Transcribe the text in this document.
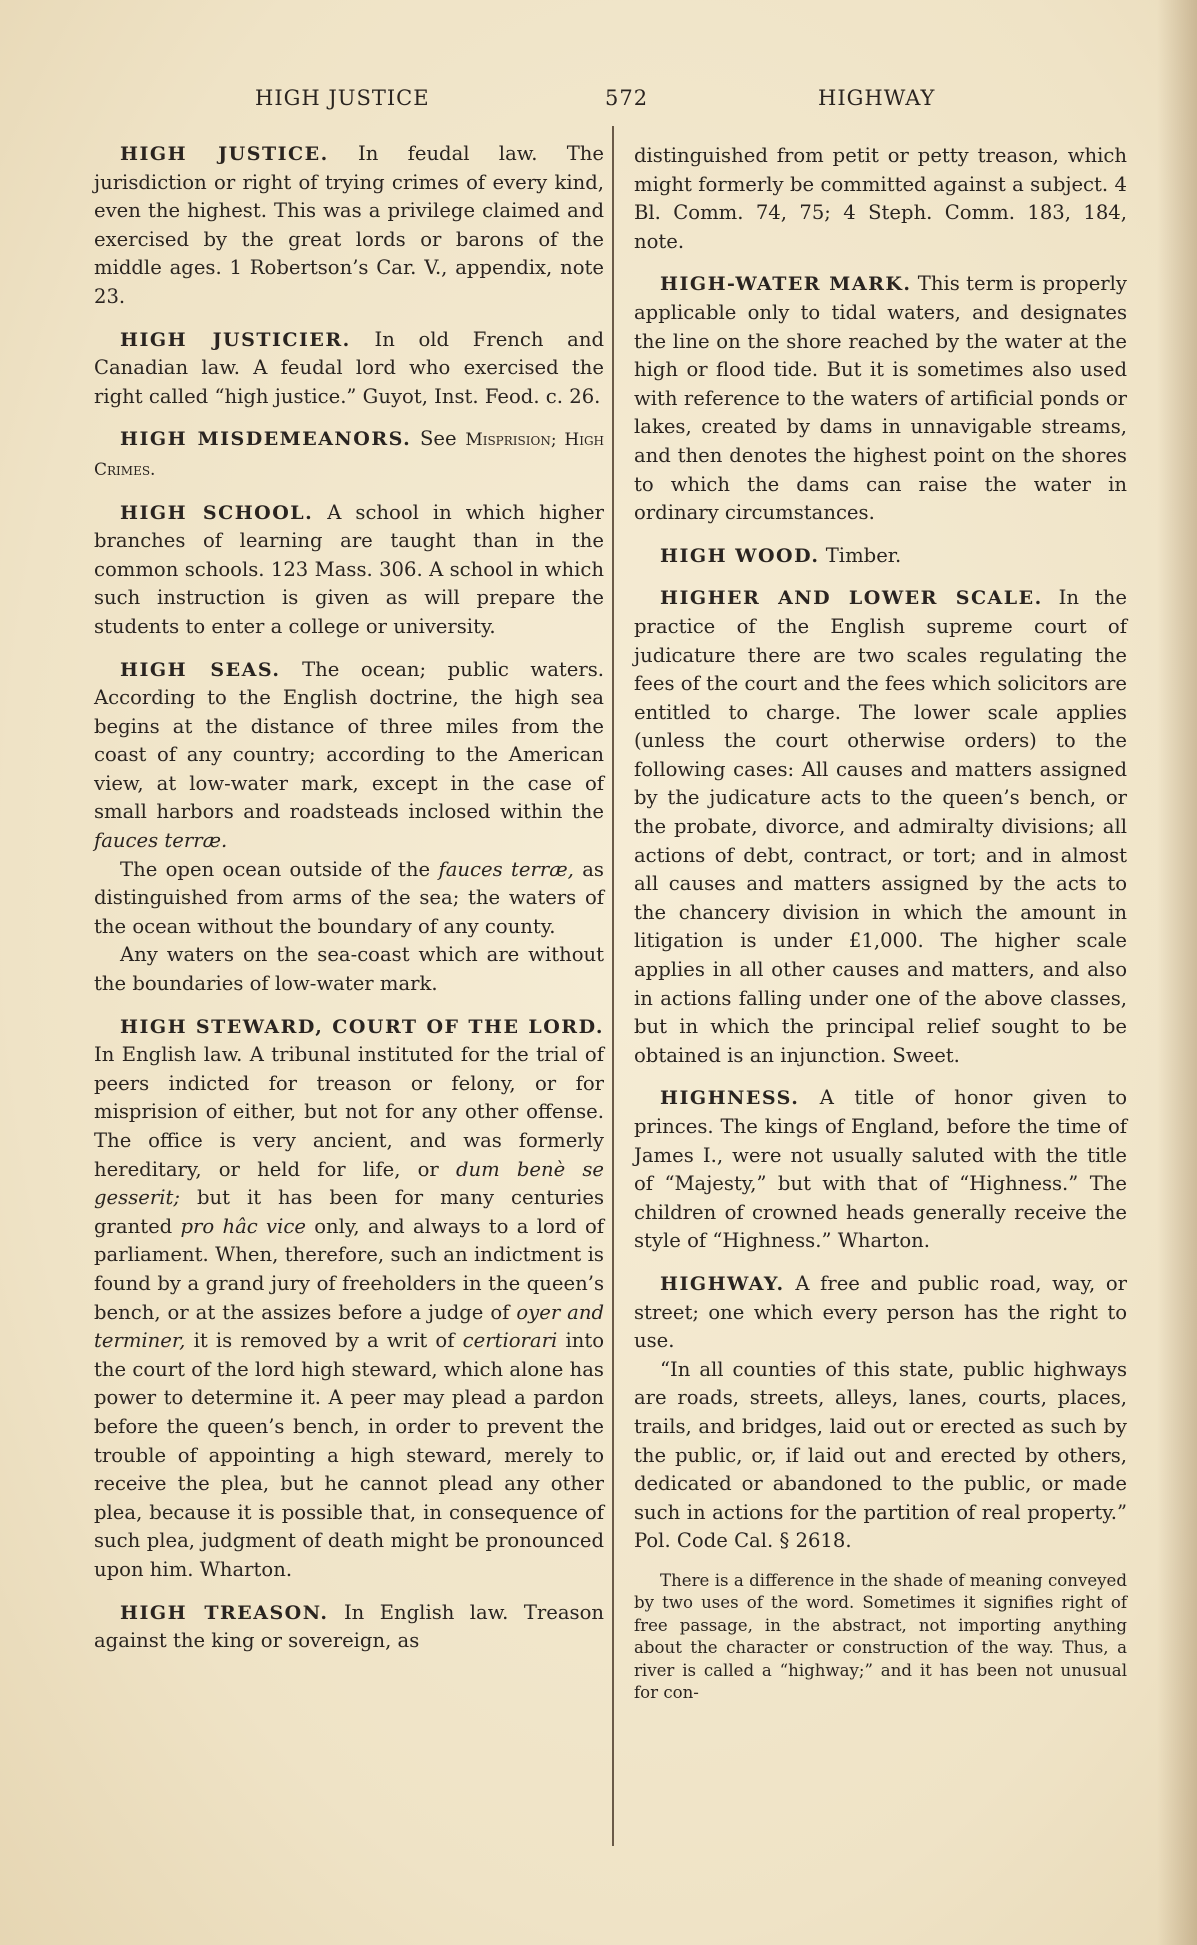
HIGH JUSTICE	572	HIGHWAY

HIGH JUSTICE. In feudal law. The jurisdiction or right of trying crimes of every kind, even the highest. This was a privilege claimed and exercised by the great lords or barons of the middle ages. 1 Robertson’s Car. V., appendix, note 23.

HIGH JUSTICIER. In old French and Canadian law. A feudal lord who exercised the right called “high justice.” Guyot, Inst. Feod. c. 26.

HIGH MISDEMEANORS. See Misprision; High Crimes.

HIGH SCHOOL. A school in which higher branches of learning are taught than in the common schools. 123 Mass. 306. A school in which such instruction is given as will prepare the students to enter a college or university.

HIGH SEAS. The ocean; public waters. According to the English doctrine, the high sea begins at the distance of three miles from the coast of any country; according to the American view, at low-water mark, except in the case of small harbors and roadsteads inclosed within the fauces terræ.

The open ocean outside of the fauces terræ, as distinguished from arms of the sea; the waters of the ocean without the boundary of any county.

Any waters on the sea-coast which are without the boundaries of low-water mark.

HIGH STEWARD, COURT OF THE LORD. In English law. A tribunal instituted for the trial of peers indicted for treason or felony, or for misprision of either, but not for any other offense. The office is very ancient, and was formerly hereditary, or held for life, or dum benè se gesserit; but it has been for many centuries granted pro hâc vice only, and always to a lord of parliament. When, therefore, such an indictment is found by a grand jury of freeholders in the queen’s bench, or at the assizes before a judge of oyer and terminer, it is removed by a writ of certiorari into the court of the lord high steward, which alone has power to determine it. A peer may plead a pardon before the queen’s bench, in order to prevent the trouble of appointing a high steward, merely to receive the plea, but he cannot plead any other plea, because it is possible that, in consequence of such plea, judgment of death might be pronounced upon him. Wharton.

HIGH TREASON. In English law. Treason against the king or sovereign, as

distinguished from petit or petty treason, which might formerly be committed against a subject. 4 Bl. Comm. 74, 75; 4 Steph. Comm. 183, 184, note.

HIGH-WATER MARK. This term is properly applicable only to tidal waters, and designates the line on the shore reached by the water at the high or flood tide. But it is sometimes also used with reference to the waters of artificial ponds or lakes, created by dams in unnavigable streams, and then denotes the highest point on the shores to which the dams can raise the water in ordinary circumstances.

HIGH WOOD. Timber.

HIGHER AND LOWER SCALE. In the practice of the English supreme court of judicature there are two scales regulating the fees of the court and the fees which solicitors are entitled to charge. The lower scale applies (unless the court otherwise orders) to the following cases: All causes and matters assigned by the judicature acts to the queen’s bench, or the probate, divorce, and admiralty divisions; all actions of debt, contract, or tort; and in almost all causes and matters assigned by the acts to the chancery division in which the amount in litigation is under £1,000. The higher scale applies in all other causes and matters, and also in actions falling under one of the above classes, but in which the principal relief sought to be obtained is an injunction. Sweet.

HIGHNESS. A title of honor given to princes. The kings of England, before the time of James I., were not usually saluted with the title of “Majesty,” but with that of “Highness.” The children of crowned heads generally receive the style of “Highness.” Wharton.

HIGHWAY. A free and public road, way, or street; one which every person has the right to use.

“In all counties of this state, public highways are roads, streets, alleys, lanes, courts, places, trails, and bridges, laid out or erected as such by the public, or, if laid out and erected by others, dedicated or abandoned to the public, or made such in actions for the partition of real property.” Pol. Code Cal. § 2618.

There is a difference in the shade of meaning conveyed by two uses of the word. Sometimes it signifies right of free passage, in the abstract, not importing anything about the character or construction of the way. Thus, a river is called a “highway;” and it has been not unusual for con-
